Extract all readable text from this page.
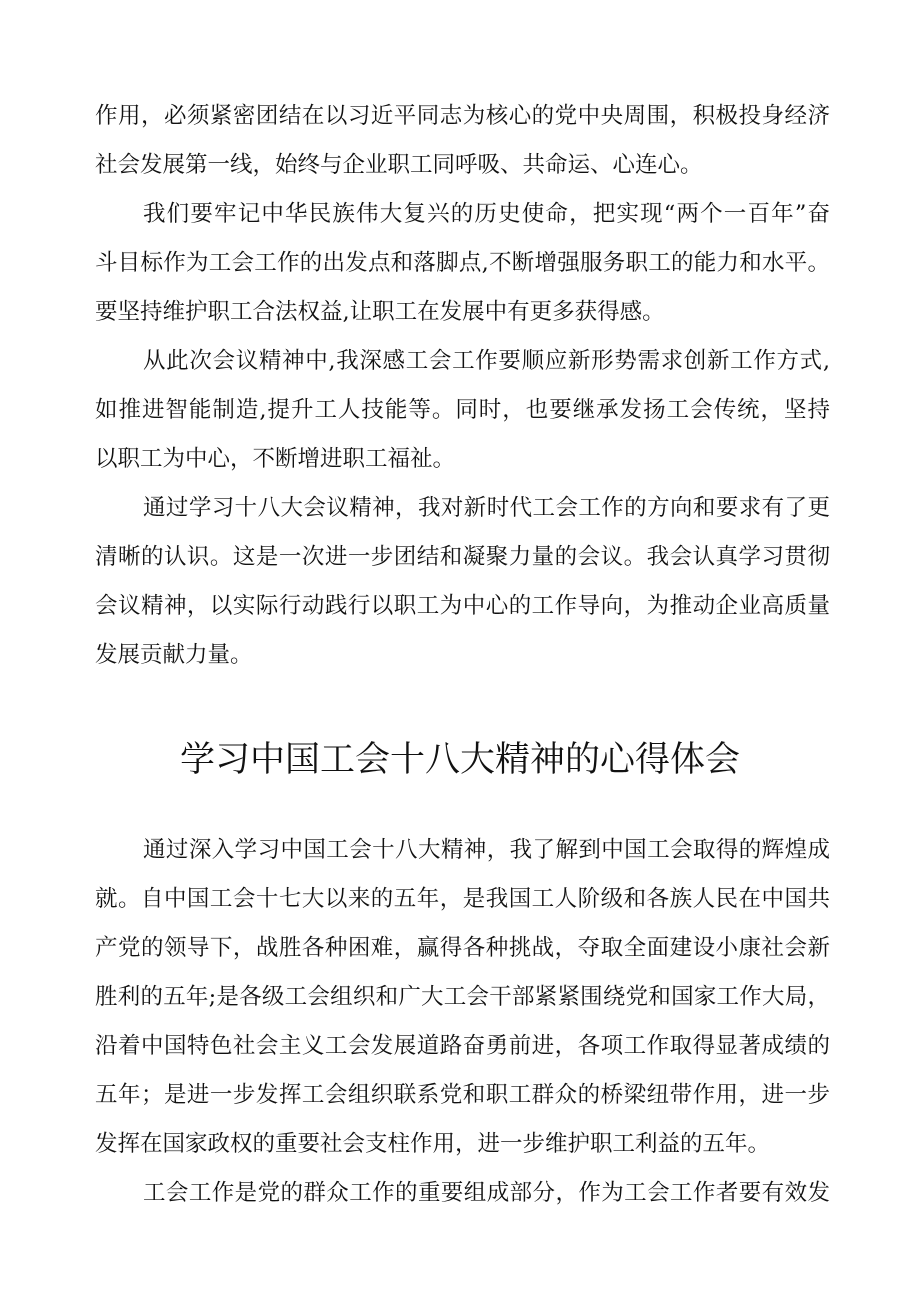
作用，必须紧密团结在以习近平同志为核心的党中央周围，积极投身经济
社会发展第一线，始终与企业职工同呼吸、共命运、心连心。
我们要牢记中华民族伟大复兴的历史使命，把实现“两个一百年”奋
斗目标作为工会工作的出发点和落脚点,不断增强服务职工的能力和水平。
要坚持维护职工合法权益,让职工在发展中有更多获得感。
从此次会议精神中,我深感工会工作要顺应新形势需求创新工作方式,
如推进智能制造,提升工人技能等。同时，也要继承发扬工会传统，坚持
以职工为中心，不断增进职工福祉。
通过学习十八大会议精神，我对新时代工会工作的方向和要求有了更
清晰的认识。这是一次进一步团结和凝聚力量的会议。我会认真学习贯彻
会议精神，以实际行动践行以职工为中心的工作导向，为推动企业高质量
发展贡献力量。
学习中国工会十八大精神的心得体会
通过深入学习中国工会十八大精神，我了解到中国工会取得的辉煌成
就。自中国工会十七大以来的五年，是我国工人阶级和各族人民在中国共
产党的领导下，战胜各种困难，赢得各种挑战，夺取全面建设小康社会新
胜利的五年;是各级工会组织和广大工会干部紧紧围绕党和国家工作大局，
沿着中国特色社会主义工会发展道路奋勇前进，各项工作取得显著成绩的
五年；是进一步发挥工会组织联系党和职工群众的桥梁纽带作用，进一步
发挥在国家政权的重要社会支柱作用，进一步维护职工利益的五年。
工会工作是党的群众工作的重要组成部分，作为工会工作者要有效发
